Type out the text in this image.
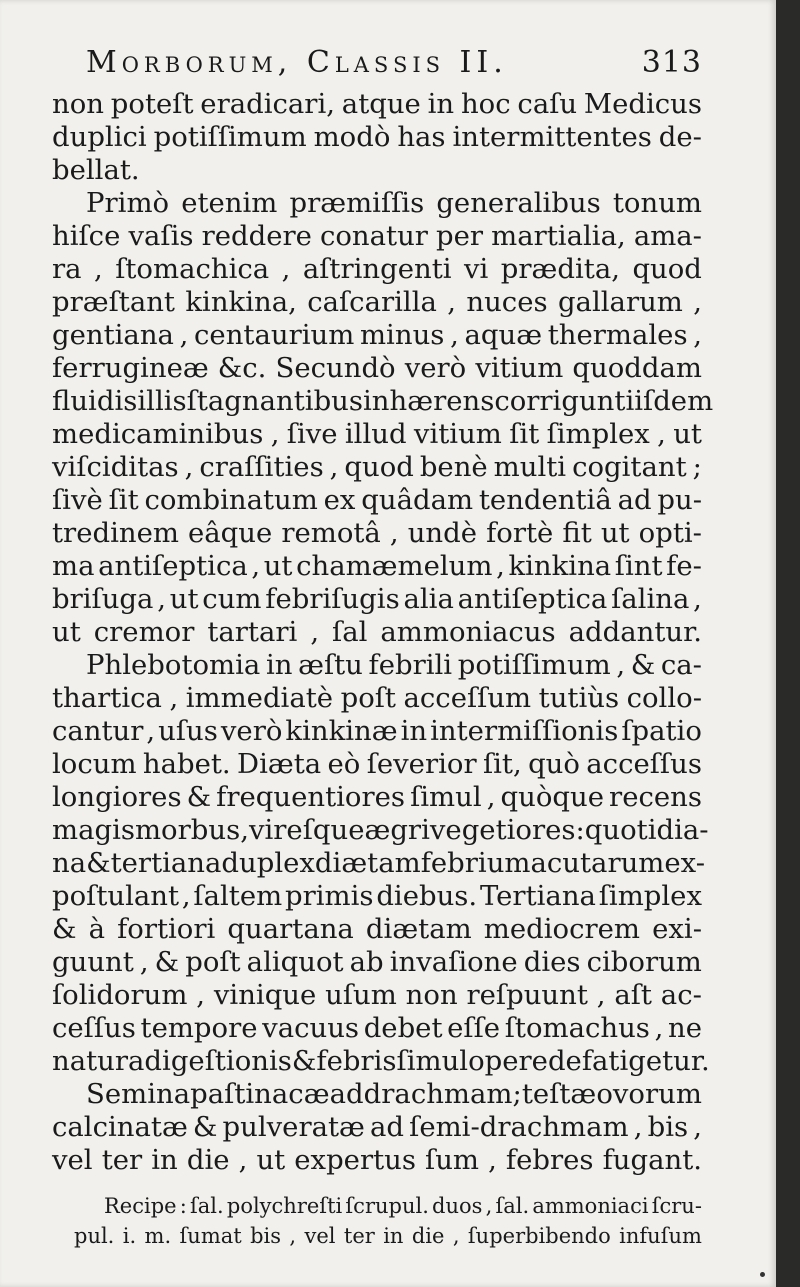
Morborum, Classis II.	313
non poteſt eradicari, atque in hoc caſu Medicus
duplici potiſſimum modò has intermittentes de-
bellat.
Primò etenim præmiſſis generalibus tonum
hiſce vaſis reddere conatur per martialia, ama-
ra , ſtomachica , aſtringenti vi prædita, quod
præſtant kinkina, caſcarilla , nuces gallarum ,
gentiana , centaurium minus , aquæ thermales ,
ferrugineæ &c. Secundò verò vitium quoddam
fluidis illis ſtagnantibus inhærens corrigunt iiſdem
medicaminibus , ſive illud vitium ſit ſimplex , ut
viſciditas , craſſities , quod benè multi cogitant ;
ſivè ſit combinatum ex quâdam tendentiâ ad pu-
tredinem eâque remotâ , undè fortè fit ut opti-
ma antiſeptica , ut chamæmelum , kinkina ſint fe-
briſuga , ut cum febriſugis alia antiſeptica ſalina ,
ut cremor tartari , ſal ammoniacus addantur.
Phlebotomia in æſtu febrili potiſſimum , & ca-
thartica , immediatè poſt acceſſum tutiùs collo-
cantur , uſus verò kinkinæ in intermiſſionis ſpatio
locum habet. Diæta eò ſeverior ſit, quò acceſſus
longiores & frequentiores ſimul , quòque recens
magis morbus , vireſque ægri vegetiores : quotidia-
na & tertiana duplex diætam febrium acutarum ex-
poſtulant , ſaltem primis diebus. Tertiana ſimplex
& à fortiori quartana diætam mediocrem exi-
guunt , & poſt aliquot ab invaſione dies ciborum
ſolidorum , vinique uſum non reſpuunt , aſt ac-
ceſſus tempore vacuus debet eſſe ſtomachus , ne
natura digeſtionis & febris ſimul opere defatigetur.
Semina paſtinacæ ad drachmam ; teſtæ ovorum
calcinatæ & pulveratæ ad ſemi-drachmam , bis ,
vel ter in die , ut expertus ſum , febres fugant.
Recipe : ſal. polychreſti ſcrupul. duos , ſal. ammoniaci ſcru-
pul. i. m. ſumat bis , vel ter in die , ſuperbibendo infuſum
